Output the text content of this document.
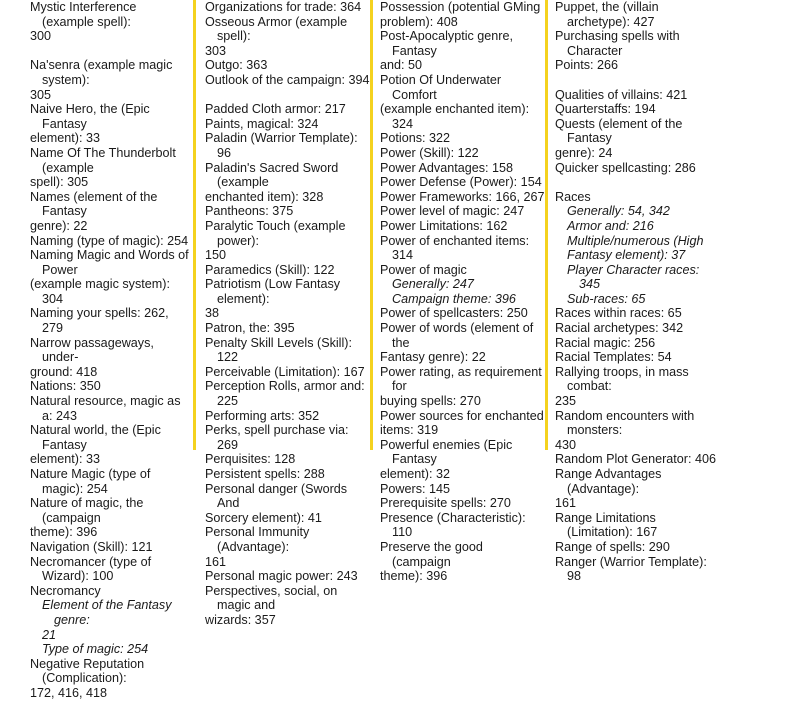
Mystic Interference (example spell):
300
Na'senra (example magic system):
305
Naive Hero, the (Epic Fantasy
element): 33
Name Of The Thunderbolt (example
spell): 305
Names (element of the Fantasy
genre): 22
Naming (type of magic): 254
Naming Magic and Words of Power
(example magic system): 304
Naming your spells: 262, 279
Narrow passageways, under-
ground: 418
Nations: 350
Natural resource, magic as a: 243
Natural world, the (Epic Fantasy
element): 33
Nature Magic (type of magic): 254
Nature of magic, the (campaign
theme): 396
Navigation (Skill): 121
Necromancer (type of Wizard): 100
Necromancy
Element of the Fantasy genre:
21
Type of magic: 254
Negative Reputation (Complication):
172, 416, 418
Organizations for trade: 364
Osseous Armor (example spell):
303
Outgo: 363
Outlook of the campaign: 394
Padded Cloth armor: 217
Paints, magical: 324
Paladin (Warrior Template): 96
Paladin's Sacred Sword (example
enchanted item): 328
Pantheons: 375
Paralytic Touch (example power):
150
Paramedics (Skill): 122
Patriotism (Low Fantasy element):
38
Patron, the: 395
Penalty Skill Levels (Skill): 122
Perceivable (Limitation): 167
Perception Rolls, armor and: 225
Performing arts: 352
Perks, spell purchase via: 269
Perquisites: 128
Persistent spells: 288
Personal danger (Swords And
Sorcery element): 41
Personal Immunity (Advantage):
161
Personal magic power: 243
Perspectives, social, on magic and
wizards: 357
Possession (potential GMing
problem): 408
Post-Apocalyptic genre, Fantasy
and: 50
Potion Of Underwater Comfort
(example enchanted item): 324
Potions: 322
Power (Skill): 122
Power Advantages: 158
Power Defense (Power): 154
Power Frameworks: 166, 267
Power level of magic: 247
Power Limitations: 162
Power of enchanted items: 314
Power of magic
Generally: 247
Campaign theme: 396
Power of spellcasters: 250
Power of words (element of the
Fantasy genre): 22
Power rating, as requirement for
buying spells: 270
Power sources for enchanted
items: 319
Powerful enemies (Epic Fantasy
element): 32
Powers: 145
Prerequisite spells: 270
Presence (Characteristic): 110
Preserve the good (campaign
theme): 396
Puppet, the (villain archetype): 427
Purchasing spells with Character
Points: 266
Qualities of villains: 421
Quarterstaffs: 194
Quests (element of the Fantasy
genre): 24
Quicker spellcasting: 286
Races
Generally: 54, 342
Armor and: 216
Multiple/numerous (High
Fantasy element): 37
Player Character races: 345
Sub-races: 65
Races within races: 65
Racial archetypes: 342
Racial magic: 256
Racial Templates: 54
Rallying troops, in mass combat:
235
Random encounters with monsters:
430
Random Plot Generator: 406
Range Advantages (Advantage):
161
Range Limitations (Limitation): 167
Range of spells: 290
Ranger (Warrior Template): 98
